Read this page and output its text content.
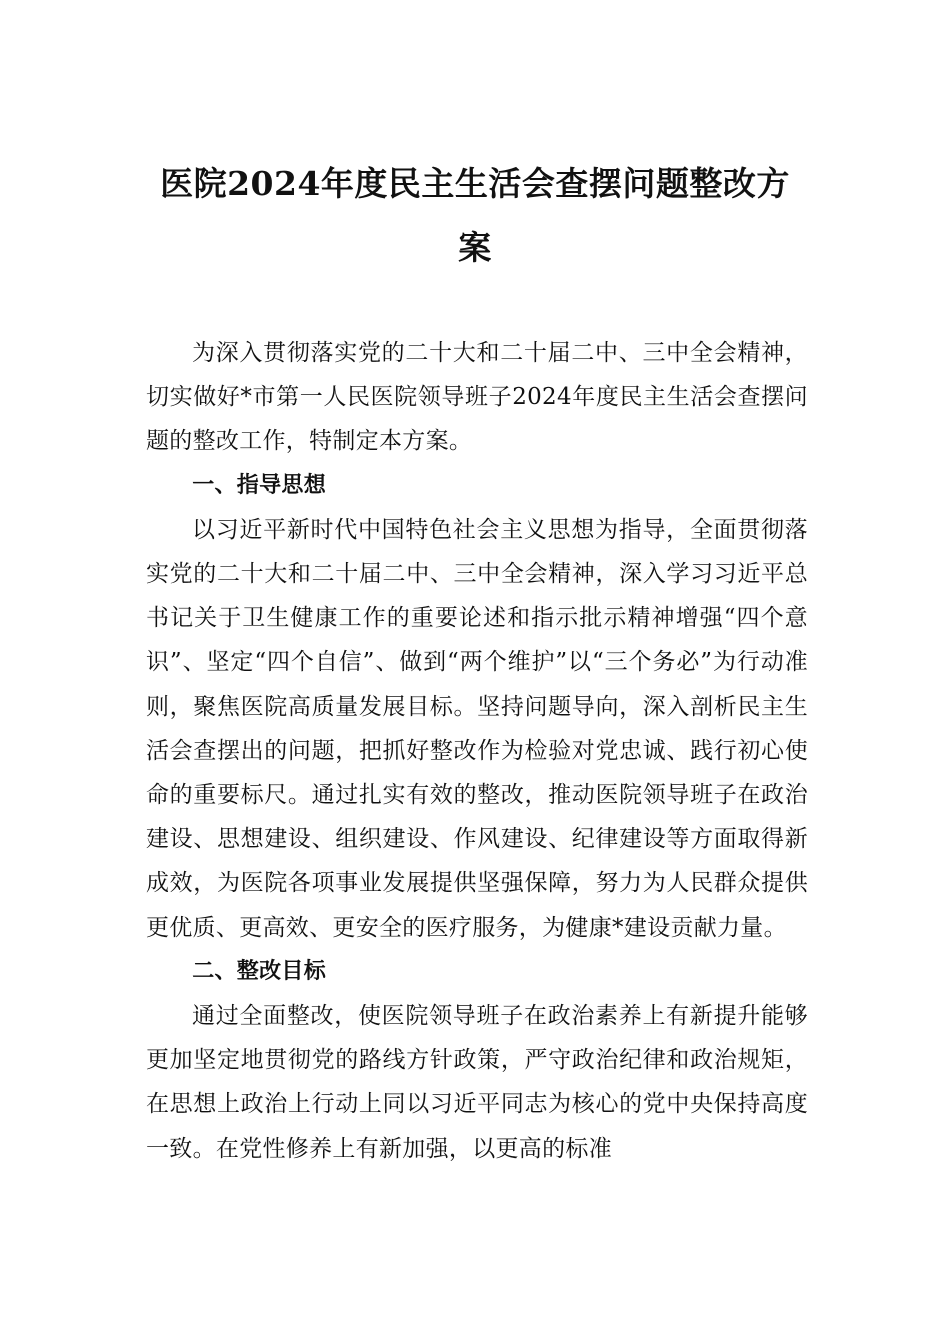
医院2024年度民主生活会查摆问题整改方案

为深入贯彻落实党的二十大和二十届二中、三中全会精神，切实做好*市第一人民医院领导班子2024年度民主生活会查摆问题的整改工作，特制定本方案。

一、指导思想

以习近平新时代中国特色社会主义思想为指导，全面贯彻落实党的二十大和二十届二中、三中全会精神，深入学习习近平总书记关于卫生健康工作的重要论述和指示批示精神增强“四个意识”、坚定“四个自信”、做到“两个维护”以“三个务必”为行动准则，聚焦医院高质量发展目标。坚持问题导向，深入剖析民主生活会查摆出的问题，把抓好整改作为检验对党忠诚、践行初心使命的重要标尺。通过扎实有效的整改，推动医院领导班子在政治建设、思想建设、组织建设、作风建设、纪律建设等方面取得新成效，为医院各项事业发展提供坚强保障，努力为人民群众提供更优质、更高效、更安全的医疗服务，为健康*建设贡献力量。

二、整改目标

通过全面整改，使医院领导班子在政治素养上有新提升能够更加坚定地贯彻党的路线方针政策，严守政治纪律和政治规矩，在思想上政治上行动上同以习近平同志为核心的党中央保持高度一致。在党性修养上有新加强，以更高的标准
